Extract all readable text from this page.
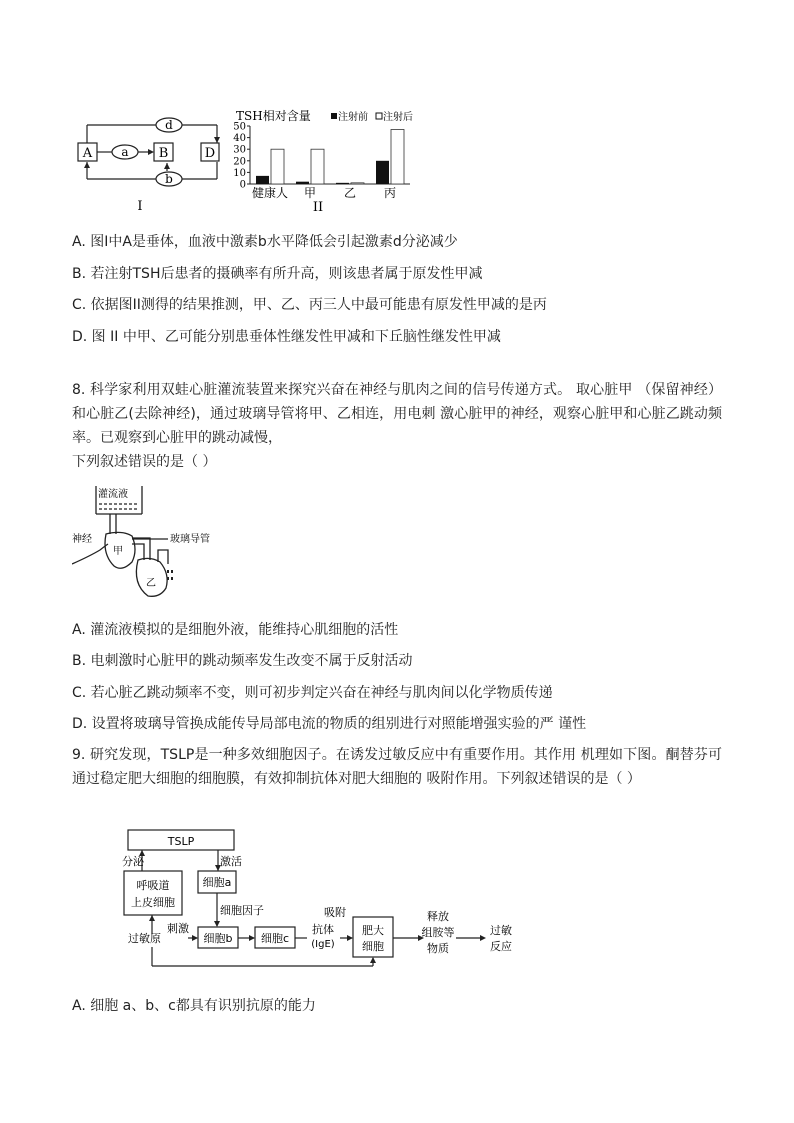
A	B	D
d
a
b
I
TSH相对含量	注射前 注射后
0
10
20
30
40
50
健康人 甲 乙 丙
II
A. 图I中A是垂体，血液中激素b水平降低会引起激素d分泌减少
B. 若注射TSH后患者的摄碘率有所升高，则该患者属于原发性甲减
C. 依据图II测得的结果推测，甲、乙、丙三人中最可能患有原发性甲减的是丙
D. 图 II 中甲、乙可能分别患垂体性继发性甲减和下丘脑性继发性甲减
8. 科学家利用双蛙心脏灌流装置来探究兴奋在神经与肌肉之间的信号传递方式。 取心脏甲 （保留神经）和心脏乙(去除神经)，通过玻璃导管将甲、乙相连，用电刺 激心脏甲的神经，观察心脏甲和心脏乙跳动频率。已观察到心脏甲的跳动减慢，
下列叙述错误的是（ ）
灌流液
神经	玻璃导管
甲
乙
A. 灌流液模拟的是细胞外液，能维持心肌细胞的活性
B. 电刺激时心脏甲的跳动频率发生改变不属于反射活动
C. 若心脏乙跳动频率不变，则可初步判定兴奋在神经与肌肉间以化学物质传递
D. 设置将玻璃导管换成能传导局部电流的物质的组别进行对照能增强实验的严 谨性
9. 研究发现，TSLP是一种多效细胞因子。在诱发过敏反应中有重要作用。其作用 机理如下图。酮替芬可通过稳定肥大细胞的细胞膜，有效抑制抗体对肥大细胞的 吸附作用。下列叙述错误的是（ ）
TSLP
分泌	激活
呼吸道
上皮细胞
细胞a
细胞因子
过敏原
刺激
细胞b	细胞c
抗体
(IgE)
吸附
肥大
细胞
释放
组胺等
物质
过敏
反应
A. 细胞 a、b、c都具有识别抗原的能力
